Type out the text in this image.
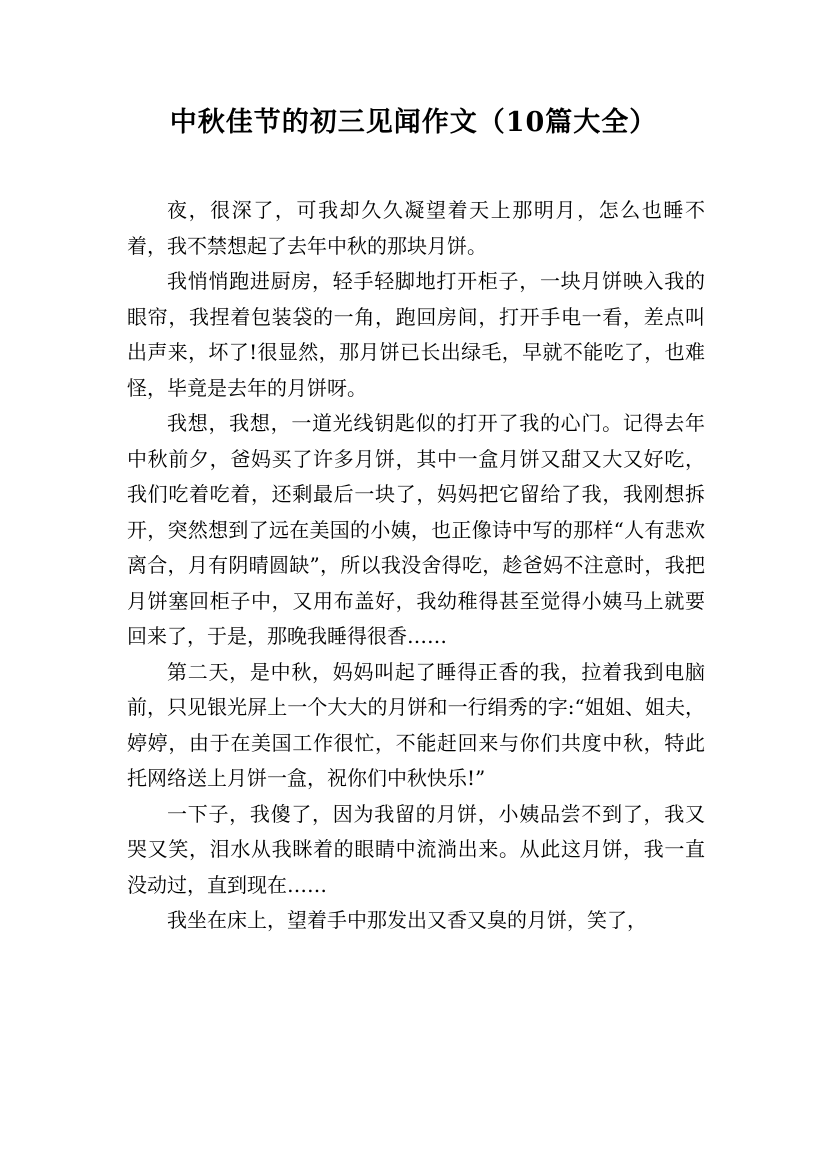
中秋佳节的初三见闻作文（10篇大全）

夜，很深了，可我却久久凝望着天上那明月，怎么也睡不着，我不禁想起了去年中秋的那块月饼。

我悄悄跑进厨房，轻手轻脚地打开柜子，一块月饼映入我的眼帘，我捏着包装袋的一角，跑回房间，打开手电一看，差点叫出声来，坏了!很显然，那月饼已长出绿毛，早就不能吃了，也难怪，毕竟是去年的月饼呀。

我想，我想，一道光线钥匙似的打开了我的心门。记得去年中秋前夕，爸妈买了许多月饼，其中一盒月饼又甜又大又好吃，我们吃着吃着，还剩最后一块了，妈妈把它留给了我，我刚想拆开，突然想到了远在美国的小姨，也正像诗中写的那样“人有悲欢离合，月有阴晴圆缺”，所以我没舍得吃，趁爸妈不注意时，我把月饼塞回柜子中，又用布盖好，我幼稚得甚至觉得小姨马上就要回来了，于是，那晚我睡得很香……

第二天，是中秋，妈妈叫起了睡得正香的我，拉着我到电脑前，只见银光屏上一个大大的月饼和一行绢秀的字:“姐姐、姐夫，婷婷，由于在美国工作很忙，不能赶回来与你们共度中秋，特此托网络送上月饼一盒，祝你们中秋快乐!”

一下子，我傻了，因为我留的月饼，小姨品尝不到了，我又哭又笑，泪水从我眯着的眼睛中流淌出来。从此这月饼，我一直没动过，直到现在……

我坐在床上，望着手中那发出又香又臭的月饼，笑了，
